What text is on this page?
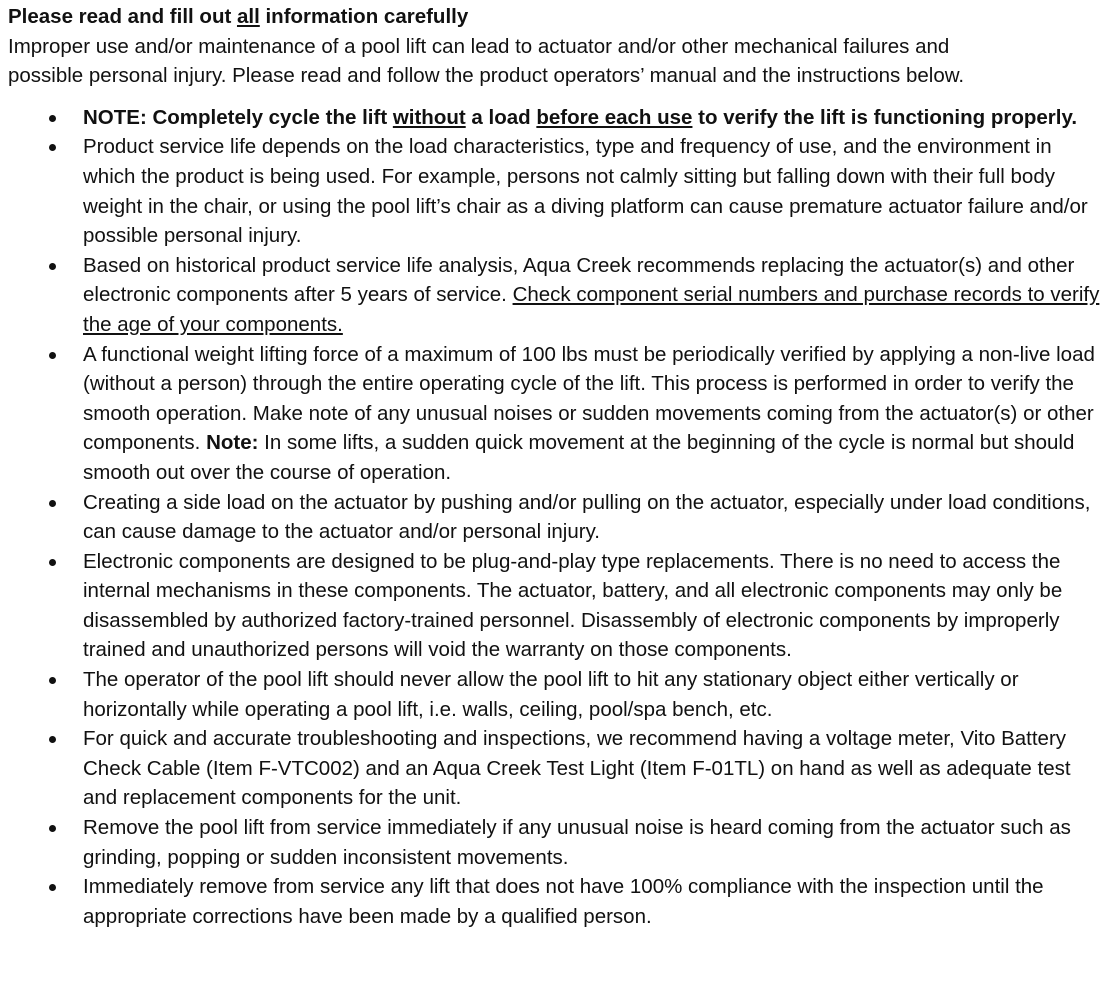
Please read and fill out all information carefully

Improper use and/or maintenance of a pool lift can lead to actuator and/or other mechanical failures and
possible personal injury. Please read and follow the product operators’ manual and the instructions below.

NOTE: Completely cycle the lift without a load before each use to verify the lift is functioning properly.
Product service life depends on the load characteristics, type and frequency of use, and the environment in which the product is being used. For example, persons not calmly sitting but falling down with their full body weight in the chair, or using the pool lift’s chair as a diving platform can cause premature actuator failure and/or possible personal injury.
Based on historical product service life analysis, Aqua Creek recommends replacing the actuator(s) and other electronic components after 5 years of service. Check component serial numbers and purchase records to verify the age of your components.
A functional weight lifting force of a maximum of 100 lbs must be periodically verified by applying a non-live load (without a person) through the entire operating cycle of the lift. This process is performed in order to verify the smooth operation. Make note of any unusual noises or sudden movements coming from the actuator(s) or other components. Note: In some lifts, a sudden quick movement at the beginning of the cycle is normal but should smooth out over the course of operation.
Creating a side load on the actuator by pushing and/or pulling on the actuator, especially under load conditions, can cause damage to the actuator and/or personal injury.
Electronic components are designed to be plug-and-play type replacements. There is no need to access the internal mechanisms in these components. The actuator, battery, and all electronic components may only be disassembled by authorized factory-trained personnel. Disassembly of electronic components by improperly trained and unauthorized persons will void the warranty on those components.
The operator of the pool lift should never allow the pool lift to hit any stationary object either vertically or horizontally while operating a pool lift, i.e. walls, ceiling, pool/spa bench, etc.
For quick and accurate troubleshooting and inspections, we recommend having a voltage meter, Vito Battery Check Cable (Item F-VTC002) and an Aqua Creek Test Light (Item F-01TL) on hand as well as adequate test and replacement components for the unit.
Remove the pool lift from service immediately if any unusual noise is heard coming from the actuator such as grinding, popping or sudden inconsistent movements.
Immediately remove from service any lift that does not have 100% compliance with the inspection until the appropriate corrections have been made by a qualified person.
